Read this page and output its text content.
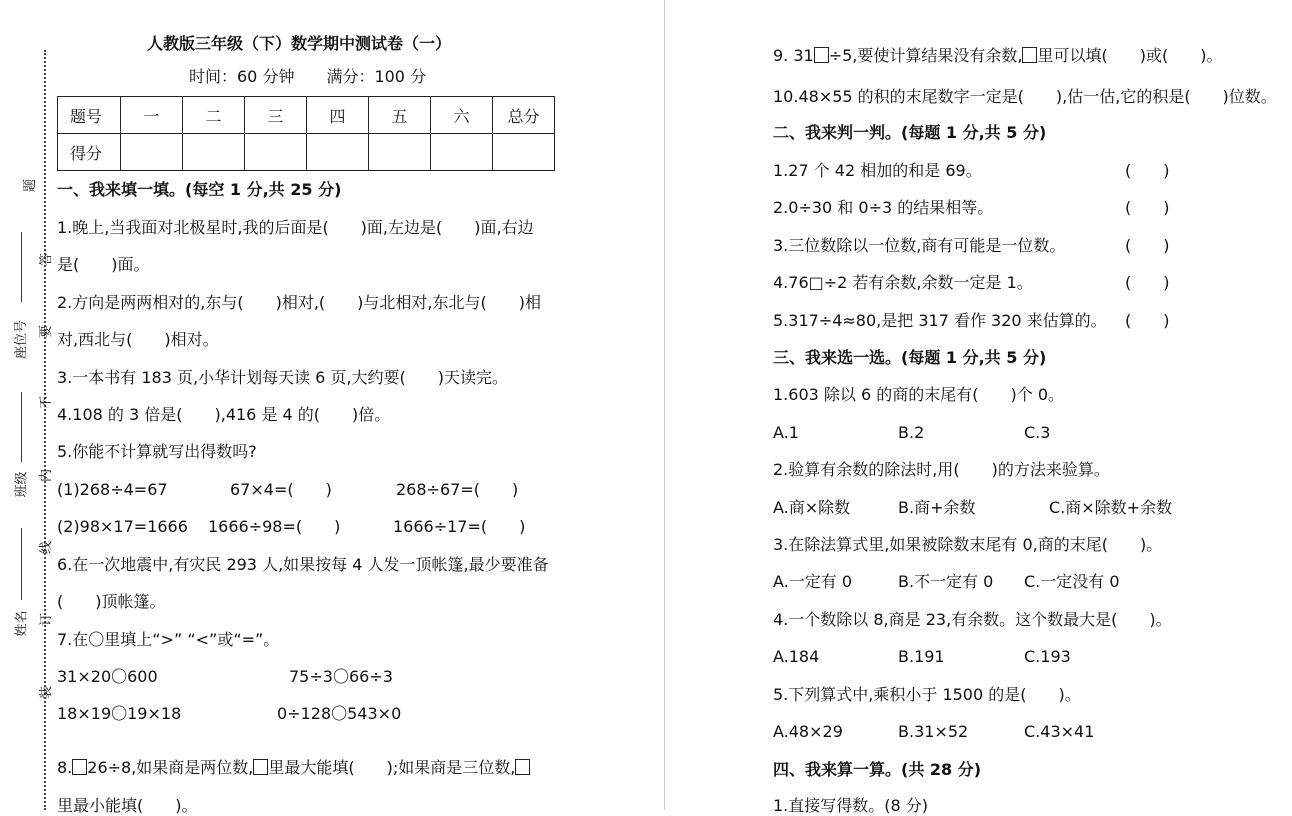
题
答
要
不
内
线
订
装
座位号
班级
姓名
人教版三年级（下）数学期中测试卷（一）
时间：60 分钟　　满分：100 分
题号	一	二	三	四	五	六	总分
得分							
一、我来填一填。(每空 1 分,共 25 分)
1.晚上,当我面对北极星时,我的后面是(　　)面,左边是(　　)面,右边
是(　　)面。
2.方向是两两相对的,东与(　　)相对,(　　)与北相对,东北与(　　)相
对,西北与(　　)相对。
3.一本书有 183 页,小华计划每天读 6 页,大约要(　　)天读完。
4.108 的 3 倍是(　　),416 是 4 的(　　)倍。
5.你能不计算就写出得数吗?
(1)268÷4=67	67×4=(　　)	268÷67=(　　)
(2)98×17=1666 1666÷98=(　　)	1666÷17=(　　)
6.在一次地震中,有灾民 293 人,如果按每 4 人发一顶帐篷,最少要准备
(　　)顶帐篷。
7.在〇里填上“>” “<”或“=”。
31×20〇600	75÷3〇66÷3
18×19〇19×18	0÷128〇543×0
8. 26÷8,如果商是两位数, 里最大能填(　　);如果商是三位数,
里最小能填(　　)。
9. 31 ÷5,要使计算结果没有余数, 里可以填(　　)或(　　)。
10.48×55 的积的末尾数字一定是(　　),估一估,它的积是(　　)位数。
二、我来判一判。(每题 1 分,共 5 分)
1.27 个 42 相加的和是 69。	(　　)
2.0÷30 和 0÷3 的结果相等。	(　　)
3.三位数除以一位数,商有可能是一位数。	(　　)
4.76□÷2 若有余数,余数一定是 1。	(　　)
5.317÷4≈80,是把 317 看作 320 来估算的。 (　　)
三、我来选一选。(每题 1 分,共 5 分)
1.603 除以 6 的商的末尾有(　　)个 0。
A.1	B.2	C.3
2.验算有余数的除法时,用(　　)的方法来验算。
A.商×除数	B.商+余数	C.商×除数+余数
3.在除法算式里,如果被除数末尾有 0,商的末尾(　　)。
A.一定有 0	B.不一定有 0 C.一定没有 0
4.一个数除以 8,商是 23,有余数。这个数最大是(　　)。
A.184	B.191	C.193
5.下列算式中,乘积小于 1500 的是(　　)。
A.48×29	B.31×52	C.43×41
四、我来算一算。(共 28 分)
1.直接写得数。(8 分)
